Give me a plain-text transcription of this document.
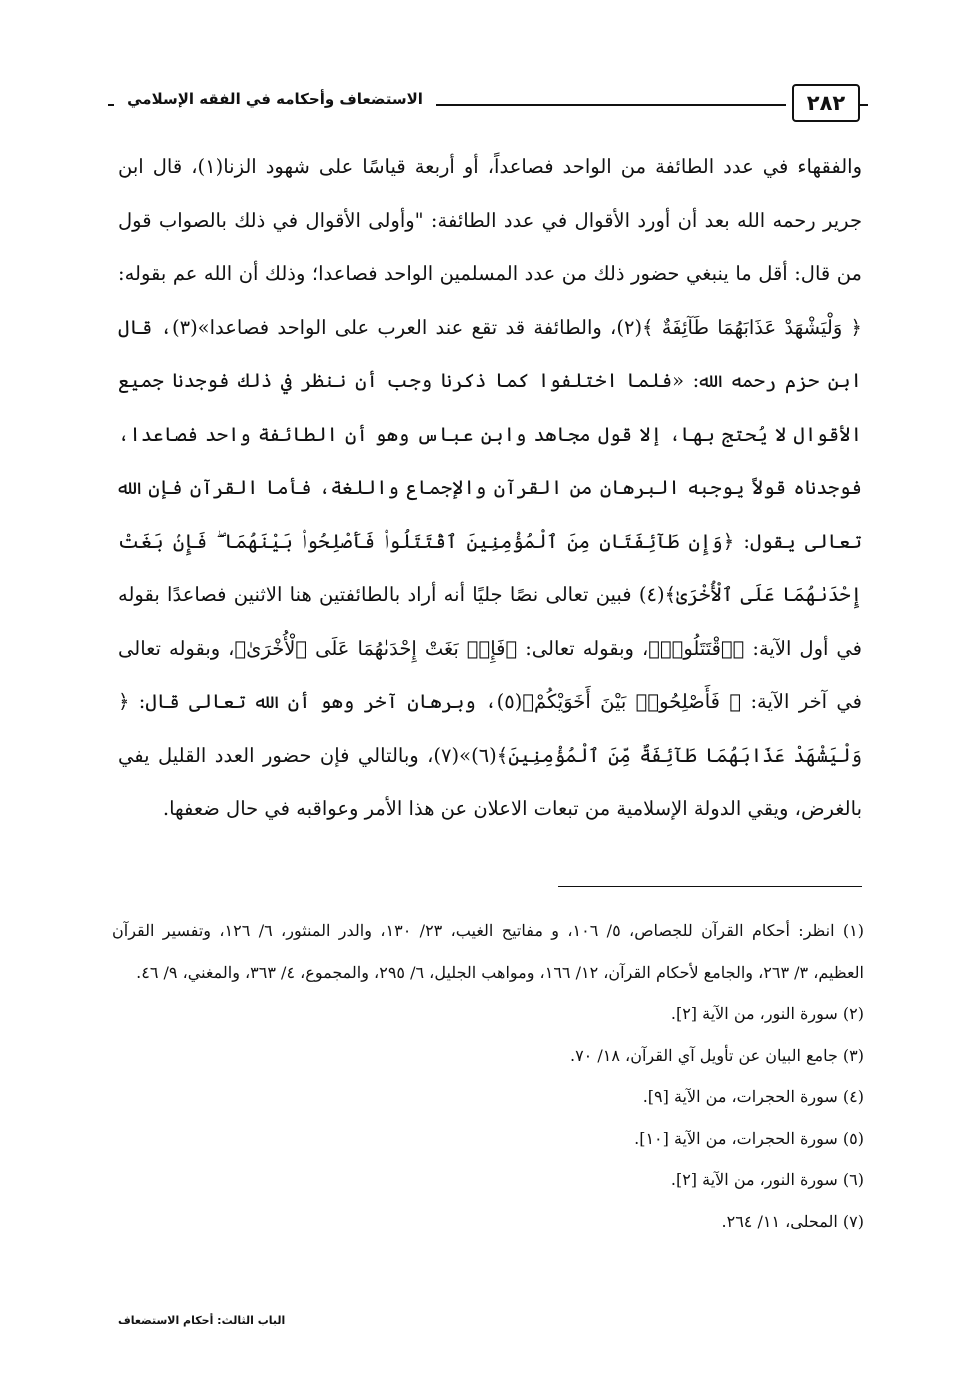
الاستضعاف وأحكامه في الفقه الإسلامي	٢٨٢

والفقهاء في عدد الطائفة من الواحد فصاعداً، أو أربعة قياسًا على شهود الزنا(١)، قال ابن جرير رحمه الله بعد أن أورد الأقوال في عدد الطائفة: "وأولى الأقوال في ذلك بالصواب قول من قال: أقل ما ينبغي حضور ذلك من عدد المسلمين الواحد فصاعدا؛ وذلك أن الله عم بقوله: ﴿ وَلْيَشْهَدْ عَذَابَهُمَا طَآئِفَةٌ ﴾(٢)، والطائفة قد تقع عند العرب على الواحد فصاعدا»(٣)، قال ابن حزم رحمه الله: «فلما اختلفوا كما ذكرنا وجب أن ننظر في ذلك فوجدنا جميع الأقوال لا يُحتج بها، إلا قول مجاهد وابن عباس وهو أن الطائفة واحد فصاعدا، فوجدناه قولاً يوجبه البرهان من القرآن والإجماع واللغة، فأما القرآن فإن الله تعالى يقول: ﴿وَإِن طَآئِفَتَانِ مِنَ ٱلْمُؤْمِنِينَ ٱقْتَتَلُوا۟ فَأَصْلِحُوا۟ بَيْنَهُمَا ۖ فَإِنۢ بَغَتْ إِحْدَىٰهُمَا عَلَى ٱلْأُخْرَىٰ﴾(٤) فبين تعالى نصًا جليًا أنه أراد بالطائفتين هنا الاثنين فصاعدًا بقوله في أول الآية: ﴿ٱقْتَتَلُوا۟﴾، وبقوله تعالى: ﴿فَإِنۢ بَغَتْ إِحْدَىٰهُمَا عَلَى ٱلْأُخْرَىٰ﴾، وبقوله تعالى في آخر الآية: ﴿ فَأَصْلِحُوا۟ بَيْنَ أَخَوَيْكُمْ﴾(٥)، وبرهان آخر وهو أن الله تعالى قال: ﴿ وَلْيَشْهَدْ عَذَابَهُمَا طَآئِفَةٌ مِّنَ ٱلْمُؤْمِنِينَ﴾(٦)»(٧)، وبالتالي فإن حضور العدد القليل يفي بالغرض، ويقي الدولة الإسلامية من تبعات الاعلان عن هذا الأمر وعواقبه في حال ضعفها.

(١) انظر: أحكام القرآن للجصاص، ٥/ ١٠٦، و مفاتيح الغيب، ٢٣/ ١٣٠، والدر المنثور، ٦/ ١٢٦، وتفسير القرآن العظيم، ٣/ ٢٦٣، والجامع لأحكام القرآن، ١٢/ ١٦٦، ومواهب الجليل، ٦/ ٢٩٥، والمجموع، ٤/ ٣٦٣، والمغني، ٩/ ٤٦.

(٢) سورة النور، من الآية [٢].

(٣) جامع البيان عن تأويل آي القرآن، ١٨/ ٧٠.

(٤) سورة الحجرات، من الآية [٩].

(٥) سورة الحجرات، من الآية [١٠].

(٦) سورة النور، من الآية [٢].

(٧) المحلى، ١١/ ٢٦٤.

الباب الثالث: أحكام الاستضعاف
